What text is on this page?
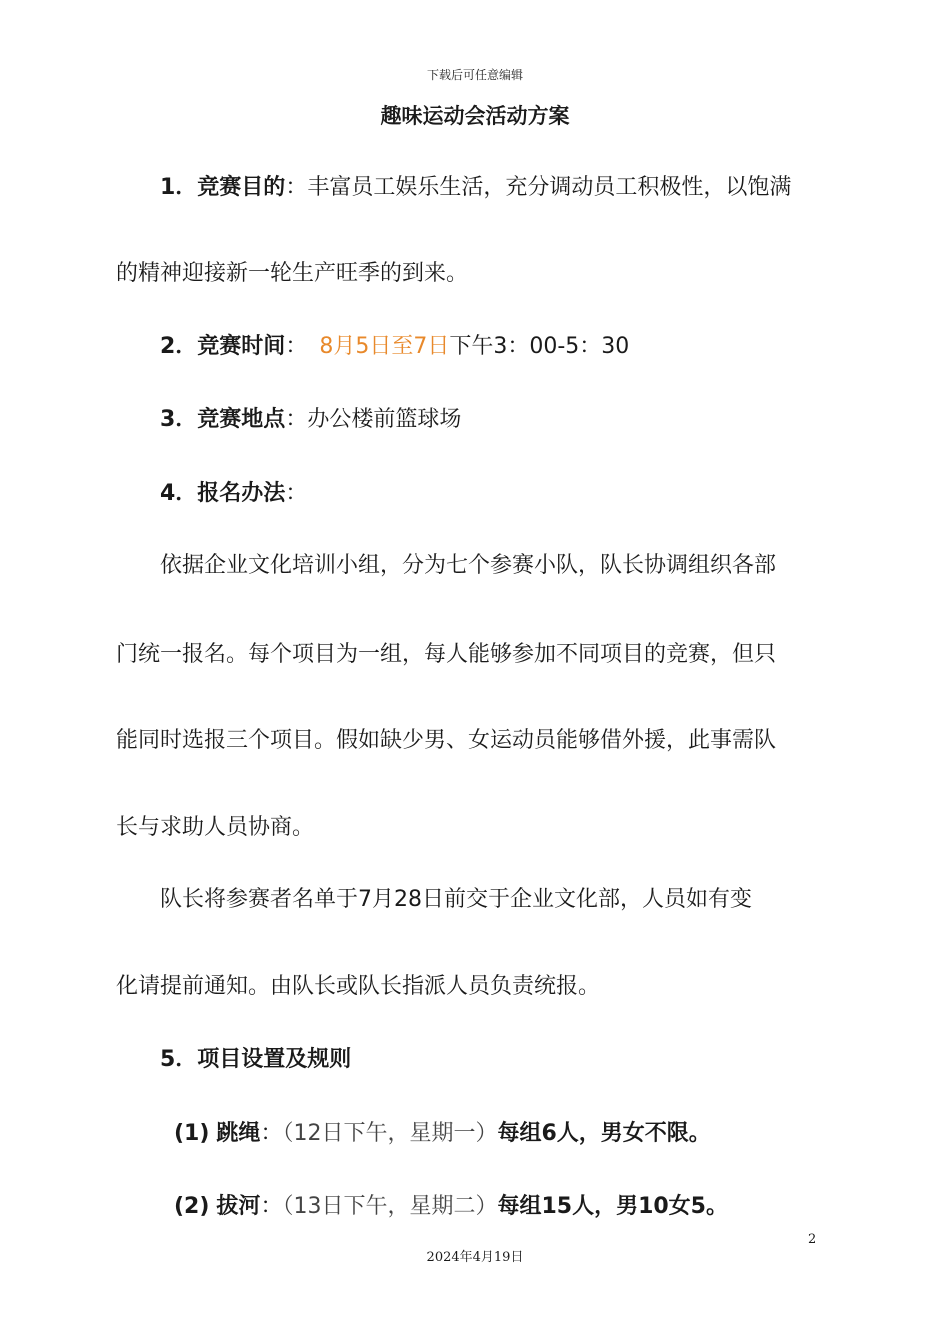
下载后可任意编辑
趣味运动会活动方案
1．竞赛目的：丰富员工娱乐生活，充分调动员工积极性，以饱满
的精神迎接新一轮生产旺季的到来。
2．竞赛时间： 8月5日至7日下午3：00-5：30
3．竞赛地点：办公楼前篮球场
4．报名办法：
依据企业文化培训小组，分为七个参赛小队，队长协调组织各部
门统一报名。每个项目为一组，每人能够参加不同项目的竞赛，但只
能同时选报三个项目。假如缺少男、女运动员能够借外援，此事需队
长与求助人员协商。
队长将参赛者名单于7月28日前交于企业文化部，人员如有变
化请提前通知。由队长或队长指派人员负责统报。
5．项目设置及规则
(1) 跳绳：（12日下午，星期一）每组6人，男女不限。
(2) 拔河：（13日下午，星期二）每组15人，男10女5。
2
2024年4月19日
